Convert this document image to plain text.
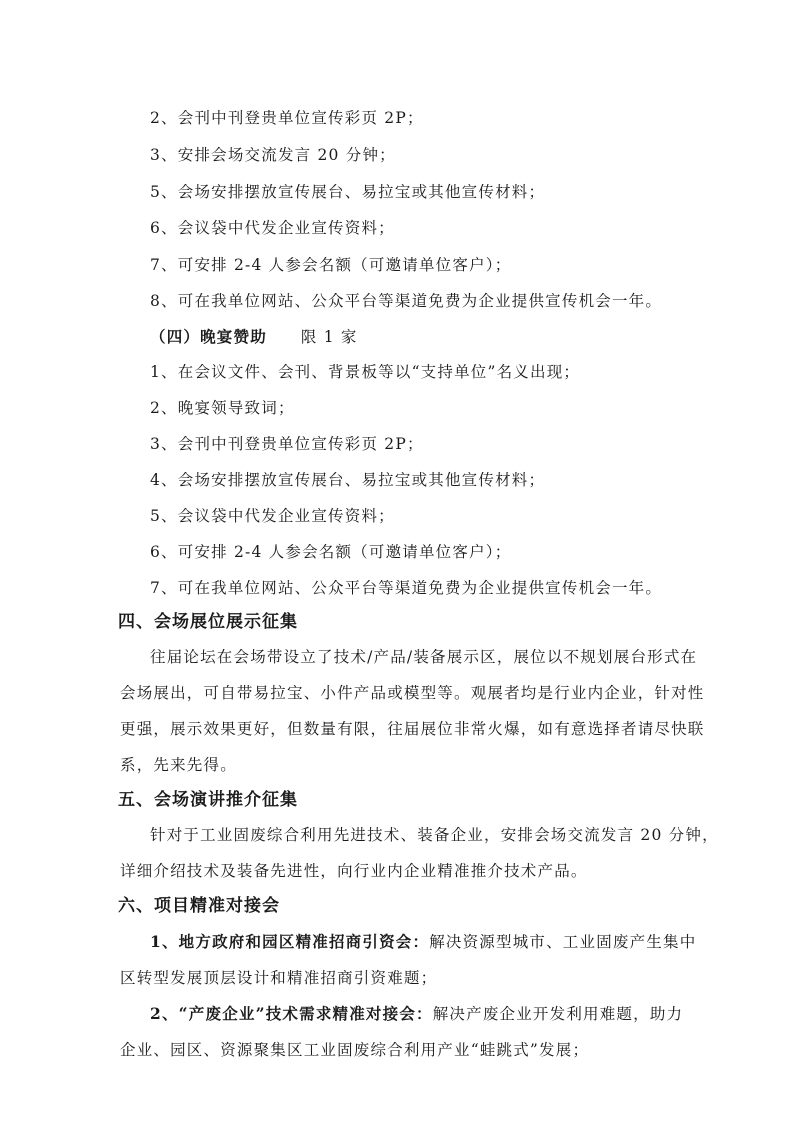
2、会刊中刊登贵单位宣传彩页 2P；
3、安排会场交流发言 20 分钟；
5、会场安排摆放宣传展台、易拉宝或其他宣传材料；
6、会议袋中代发企业宣传资料；
7、可安排 2-4 人参会名额（可邀请单位客户）；
8、可在我单位网站、公众平台等渠道免费为企业提供宣传机会一年。
（四）晚宴赞助 限 1 家
1、在会议文件、会刊、背景板等以“支持单位”名义出现；
2、晚宴领导致词；
3、会刊中刊登贵单位宣传彩页 2P；
4、会场安排摆放宣传展台、易拉宝或其他宣传材料；
5、会议袋中代发企业宣传资料；
6、可安排 2-4 人参会名额（可邀请单位客户）；
7、可在我单位网站、公众平台等渠道免费为企业提供宣传机会一年。
四、会场展位展示征集
往届论坛在会场带设立了技术/产品/装备展示区，展位以不规划展台形式在
会场展出，可自带易拉宝、小件产品或模型等。观展者均是行业内企业，针对性
更强，展示效果更好，但数量有限，往届展位非常火爆，如有意选择者请尽快联
系，先来先得。
五、会场演讲推介征集
针对于工业固废综合利用先进技术、装备企业，安排会场交流发言 20 分钟，
详细介绍技术及装备先进性，向行业内企业精准推介技术产品。
六、项目精准对接会
1、地方政府和园区精准招商引资会：解决资源型城市、工业固废产生集中
区转型发展顶层设计和精准招商引资难题；
2、“产废企业”技术需求精准对接会：解决产废企业开发利用难题，助力
企业、园区、资源聚集区工业固废综合利用产业“蛙跳式”发展；
